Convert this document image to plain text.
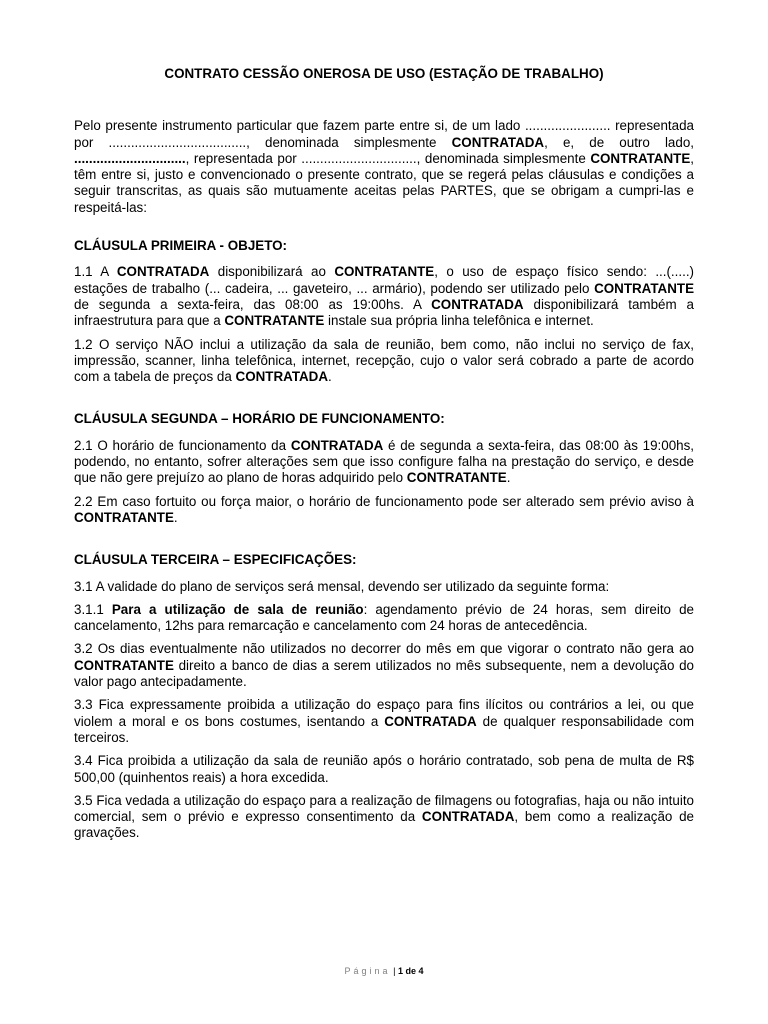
CONTRATO CESSÃO ONEROSA DE USO (ESTAÇÃO DE TRABALHO)

Pelo presente instrumento particular que fazem parte entre si, de um lado ....................... representada por ....................................., denominada simplesmente CONTRATADA, e, de outro lado, .............................., representada por ..............................., denominada simplesmente CONTRATANTE, têm entre si, justo e convencionado o presente contrato, que se regerá pelas cláusulas e condições a seguir transcritas, as quais são mutuamente aceitas pelas PARTES, que se obrigam a cumpri-las e respeitá-las:

CLÁUSULA PRIMEIRA - OBJETO:

1.1 A CONTRATADA disponibilizará ao CONTRATANTE, o uso de espaço físico sendo: ...(.....) estações de trabalho (... cadeira, ... gaveteiro, ... armário), podendo ser utilizado pelo CONTRATANTE de segunda a sexta-feira, das 08:00 as 19:00hs. A CONTRATADA disponibilizará também a infraestrutura para que a CONTRATANTE instale sua própria linha telefônica e internet.

1.2 O serviço NÃO inclui a utilização da sala de reunião, bem como, não inclui no serviço de fax, impressão, scanner, linha telefônica, internet, recepção, cujo o valor será cobrado a parte de acordo com a tabela de preços da CONTRATADA.

CLÁUSULA SEGUNDA – HORÁRIO DE FUNCIONAMENTO:

2.1 O horário de funcionamento da CONTRATADA é de segunda a sexta-feira, das 08:00 às 19:00hs, podendo, no entanto, sofrer alterações sem que isso configure falha na prestação do serviço, e desde que não gere prejuízo ao plano de horas adquirido pelo CONTRATANTE.

2.2 Em caso fortuito ou força maior, o horário de funcionamento pode ser alterado sem prévio aviso à CONTRATANTE.

CLÁUSULA TERCEIRA – ESPECIFICAÇÕES:

3.1 A validade do plano de serviços será mensal, devendo ser utilizado da seguinte forma:

3.1.1 Para a utilização de sala de reunião: agendamento prévio de 24 horas, sem direito de cancelamento, 12hs para remarcação e cancelamento com 24 horas de antecedência.

3.2 Os dias eventualmente não utilizados no decorrer do mês em que vigorar o contrato não gera ao CONTRATANTE direito a banco de dias a serem utilizados no mês subsequente, nem a devolução do valor pago antecipadamente.

3.3 Fica expressamente proibida a utilização do espaço para fins ilícitos ou contrários a lei, ou que violem a moral e os bons costumes, isentando a CONTRATADA de qualquer responsabilidade com terceiros.

3.4 Fica proibida a utilização da sala de reunião após o horário contratado, sob pena de multa de R$ 500,00 (quinhentos reais) a hora excedida.

3.5 Fica vedada a utilização do espaço para a realização de filmagens ou fotografias, haja ou não intuito comercial, sem o prévio e expresso consentimento da CONTRATADA, bem como a realização de gravações.

Página | 1 de 4
